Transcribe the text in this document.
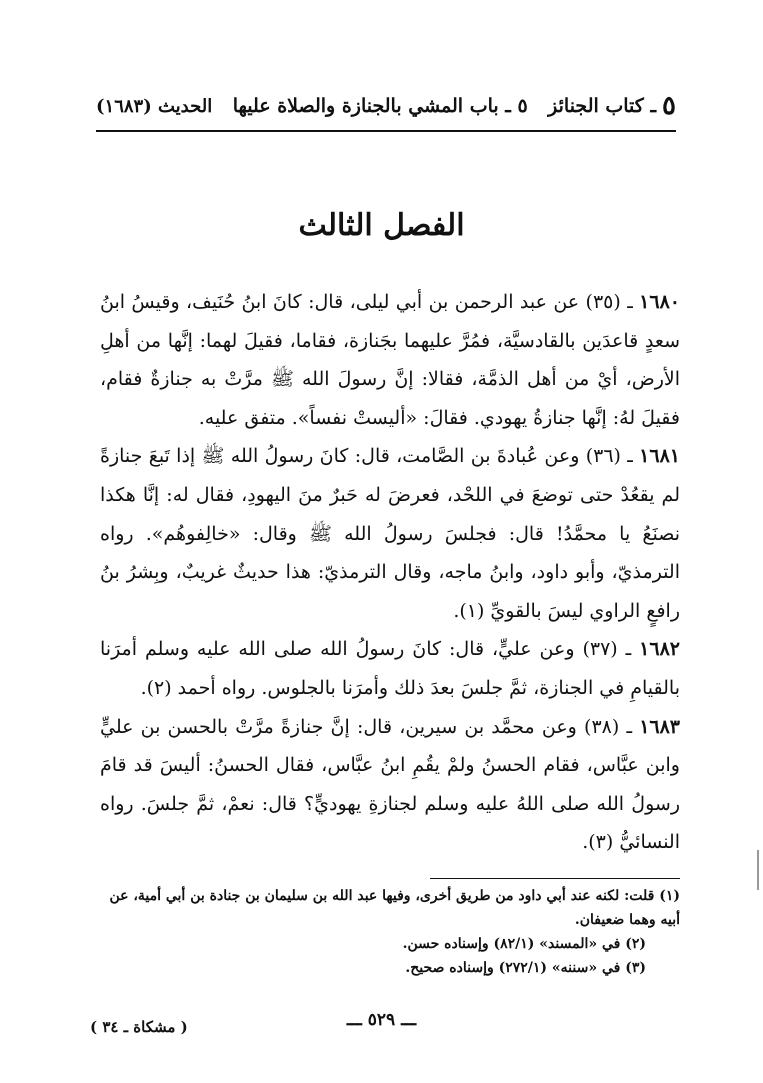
٥
ـ كتاب الجنائز
٥ ـ باب المشي بالجنازة والصلاة عليها
الحديث (١٦٨٣)
الفصل الثالث

١٦٨٠ ـ (٣٥) عن عبد الرحمن بن أبي ليلى، قال: كانَ ابنُ حُنَيف، وقيسُ ابنُ سعدٍ قاعدَين بالقادسيَّة، فمُرَّ عليهما بجَنازة، فقاما، فقيلَ لهما: إنَّها من أهلِ الأرض، أيْ من أهل الذمَّة، فقالا: إنَّ رسولَ الله ﷺ مرَّتْ به جنازةٌ فقام، فقيلَ لهُ: إنَّها جنازةُ يهودي. فقالَ: «أليستْ نفساً». متفق عليه.

١٦٨١ ـ (٣٦) وعن عُبادةَ بن الصَّامت، قال: كانَ رسولُ الله ﷺ إذا تَبعَ جنازةً لم يقعُدْ حتى توضعَ في اللحْد، فعرضَ له حَبرٌ منَ اليهودِ، فقال له: إنَّا هكذا نصنَعُ يا محمَّدُ! قال: فجلسَ رسولُ الله ﷺ وقال: «خالِفوهُم». رواه الترمذيّ، وأبو داود، وابنُ ماجه، وقال الترمذيّ: هذا حديثٌ غريبٌ، وبِشرُ بنُ رافعٍ الراوي ليسَ بالقويِّ (١).

١٦٨٢ ـ (٣٧) وعن عليٍّ، قال: كانَ رسولُ الله صلى الله عليه وسلم أمرَنا بالقيامِ في الجنازة، ثمَّ جلسَ بعدَ ذلك وأمرَنا بالجلوس. رواه أحمد (٢).

١٦٨٣ ـ (٣٨) وعن محمَّد بن سيرين، قال: إنَّ جنازةً مرَّتْ بالحسن بن عليٍّ وابن عبَّاس، فقام الحسنُ ولمْ يقُمِ ابنُ عبَّاس، فقال الحسنُ: أليسَ قد قامَ رسولُ الله صلى اللهُ عليه وسلم لجنازةِ يهوديٍّ؟ قال: نعمْ، ثمَّ جلسَ. رواه النسائيُّ (٣).

(١) قلت: لكنه عند أبي داود من طريق أخرى، وفيها عبد الله بن سليمان بن جنادة بن أبي أمية، عن أبيه وهما ضعيفان.

(٢) في «المسند» (٨٢/١) وإسناده حسن.

(٣) في «سننه» (٢٧٢/١) وإسناده صحيح.

ـــ ٥٢٩ ـــ
( مشكاة ـ ٣٤ )
